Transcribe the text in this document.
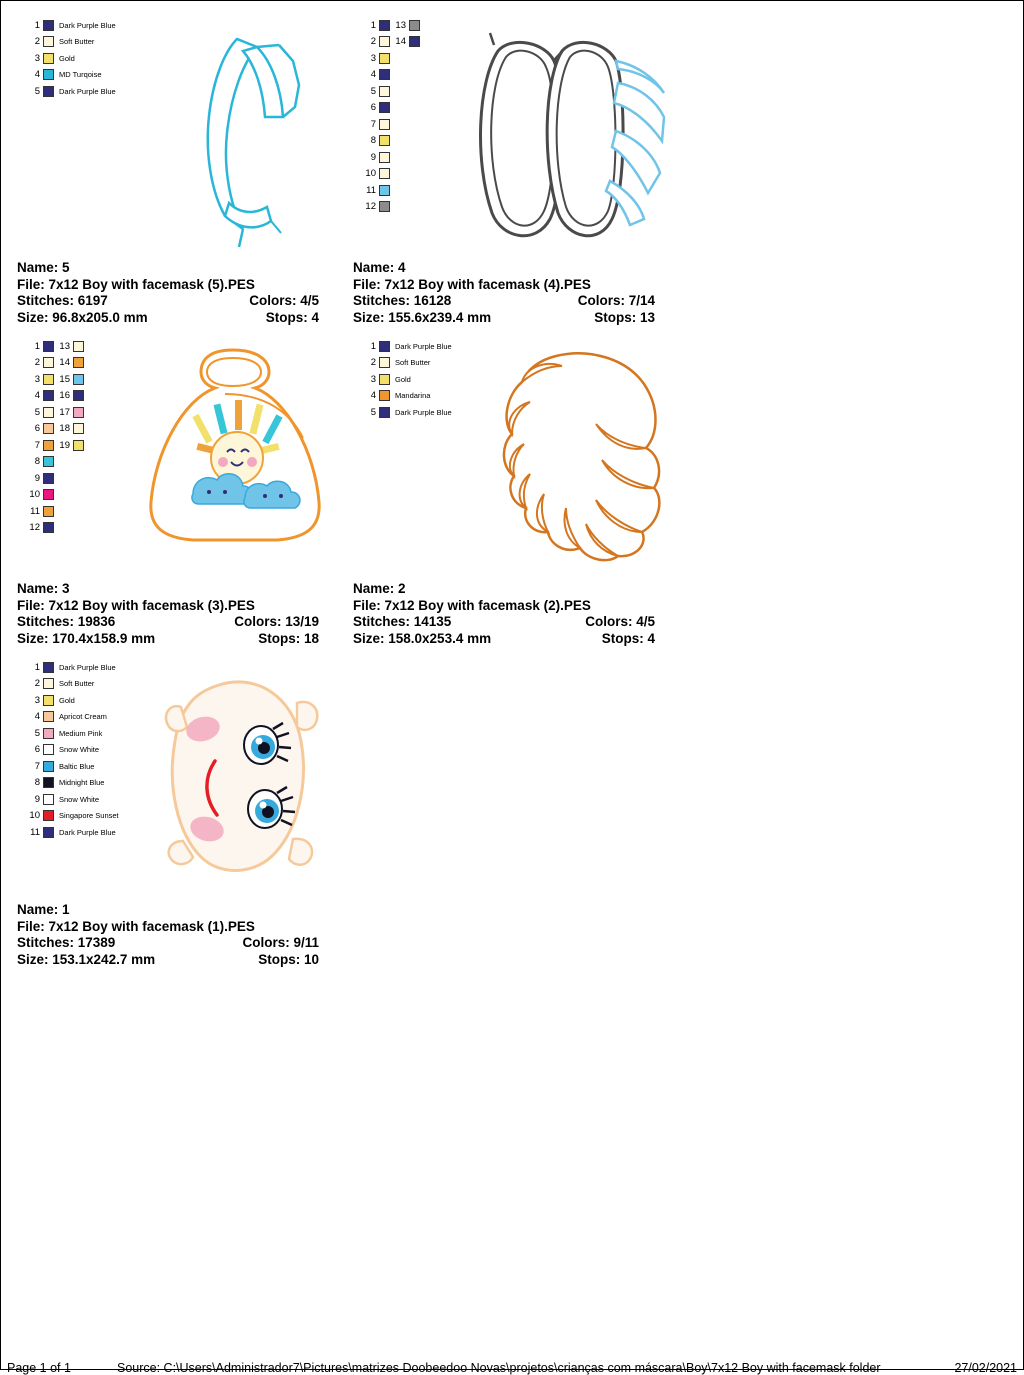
1	Dark Purple Blue
2	Soft Butter
3	Gold
4	MD Turqoise
5	Dark Purple Blue
Name: 5
File: 7x12 Boy with facemask (5).PES
Stitches: 6197	Colors: 4/5
Size: 96.8x205.0 mm	Stops: 4
1	13
2	14
3
4
5
6
7
8
9
10
11
12
Name: 4
File: 7x12 Boy with facemask (4).PES
Stitches: 16128	Colors: 7/14
Size: 155.6x239.4 mm	Stops: 13
1	13
2	14
3	15
4	16
5	17
6	18
7	19
8
9
10
11
12
Name: 3
File: 7x12 Boy with facemask (3).PES
Stitches: 19836	Colors: 13/19
Size: 170.4x158.9 mm	Stops: 18
1	Dark Purple Blue
2	Soft Butter
3	Gold
4	Mandarina
5	Dark Purple Blue
Name: 2
File: 7x12 Boy with facemask (2).PES
Stitches: 14135	Colors: 4/5
Size: 158.0x253.4 mm	Stops: 4
1	Dark Purple Blue
2	Soft Butter
3	Gold
4	Apricot Cream
5	Medium Pink
6	Snow White
7	Baltic Blue
8	Midnight Blue
9	Snow White
10	Singapore Sunset
11	Dark Purple Blue
Name: 1
File: 7x12 Boy with facemask (1).PES
Stitches: 17389	Colors: 9/11
Size: 153.1x242.7 mm	Stops: 10
Page 1 of 1	Source: C:\Users\Administrador7\Pictures\matrizes Doobeedoo Novas\projetos\crianças com máscara\Boy\7x12 Boy with facemask folder	27/02/2021
